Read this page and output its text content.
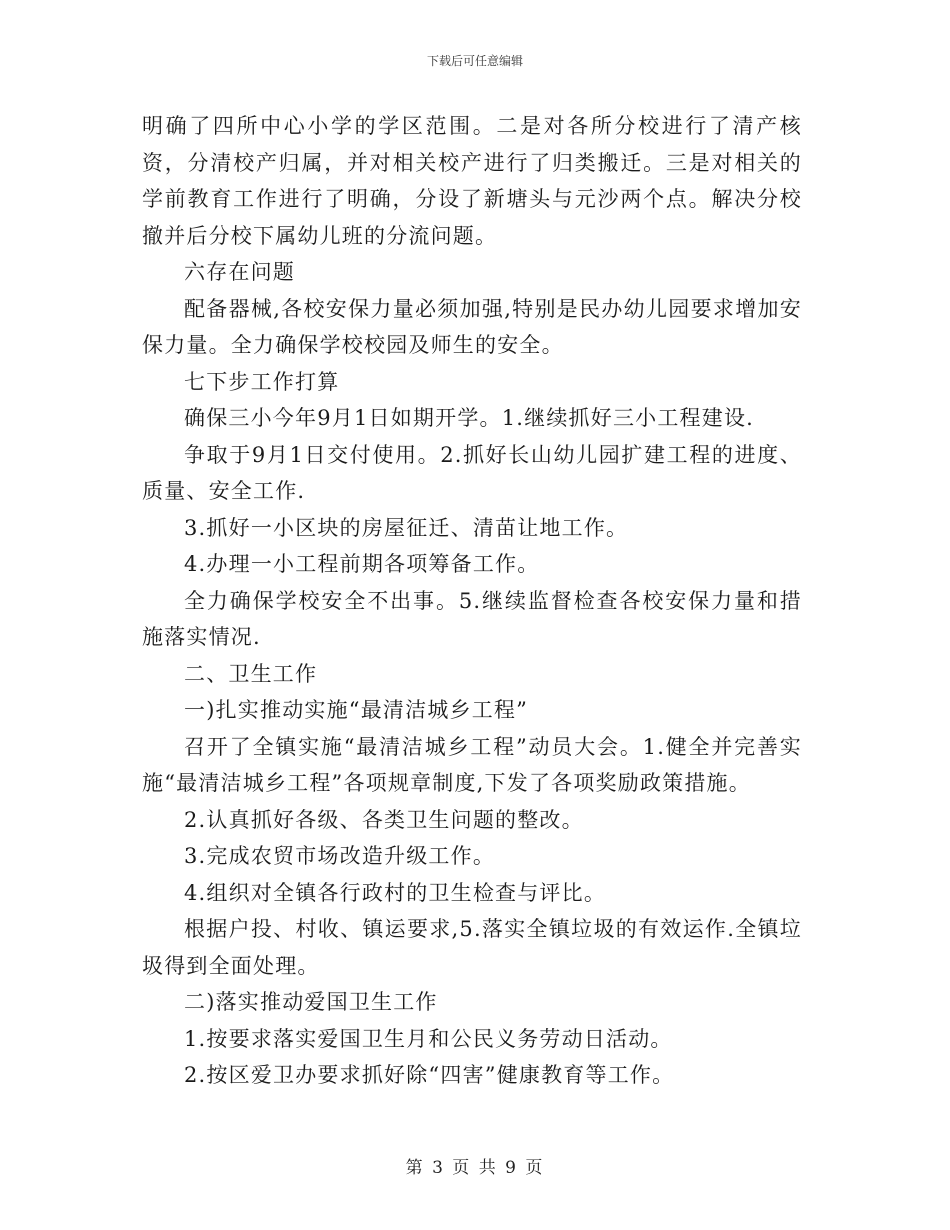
下载后可任意编辑

明确了四所中心小学的学区范围。二是对各所分校进行了清产核资，分清校产归属，并对相关校产进行了归类搬迁。三是对相关的学前教育工作进行了明确，分设了新塘头与元沙两个点。解决分校撤并后分校下属幼儿班的分流问题。

六存在问题

配备器械,各校安保力量必须加强,特别是民办幼儿园要求增加安保力量。全力确保学校校园及师生的安全。

七下步工作打算

确保三小今年9月1日如期开学。1.继续抓好三小工程建设.

争取于9月1日交付使用。2.抓好长山幼儿园扩建工程的进度、质量、安全工作.

3.抓好一小区块的房屋征迁、清苗让地工作。

4.办理一小工程前期各项筹备工作。

全力确保学校安全不出事。5.继续监督检查各校安保力量和措施落实情况.

二、卫生工作

一)扎实推动实施“最清洁城乡工程”

召开了全镇实施“最清洁城乡工程”动员大会。1.健全并完善实施“最清洁城乡工程”各项规章制度,下发了各项奖励政策措施。

2.认真抓好各级、各类卫生问题的整改。

3.完成农贸市场改造升级工作。

4.组织对全镇各行政村的卫生检查与评比。

根据户投、村收、镇运要求,5.落实全镇垃圾的有效运作.全镇垃圾得到全面处理。

二)落实推动爱国卫生工作

1.按要求落实爱国卫生月和公民义务劳动日活动。

2.按区爱卫办要求抓好除“四害”健康教育等工作。

第 3 页 共 9 页
